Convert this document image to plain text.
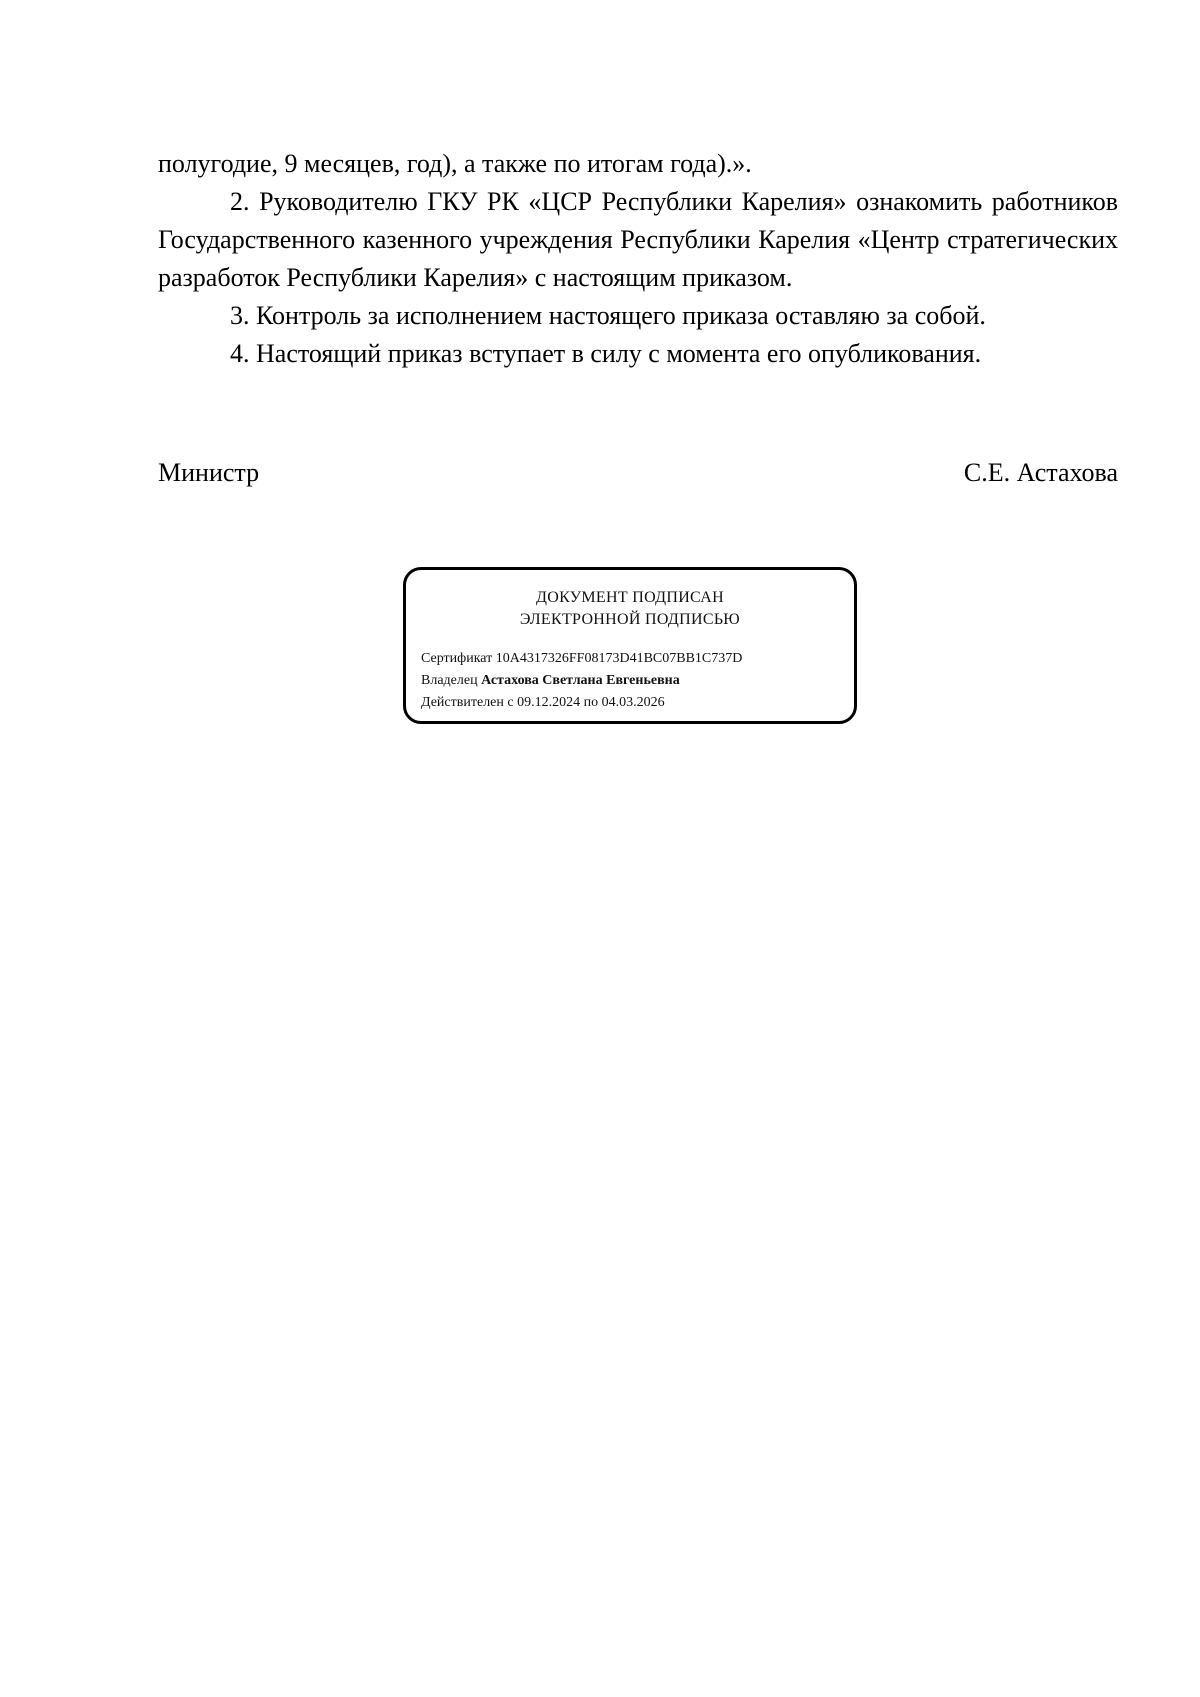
полугодие, 9 месяцев, год), а также по итогам года).».

2. Руководителю ГКУ РК «ЦСР Республики Карелия» ознакомить работников Государственного казенного учреждения Республики Карелия «Центр стратегических разработок Республики Карелия» с настоящим приказом.

3. Контроль за исполнением настоящего приказа оставляю за собой.

4. Настоящий приказ вступает в силу с момента его опубликования.

Министр	С.Е. Астахова
ДОКУМЕНТ ПОДПИСАН
ЭЛЕКТРОННОЙ ПОДПИСЬЮ
Сертификат 10A4317326FF08173D41BC07BB1C737D
Владелец Астахова Светлана Евгеньевна
Действителен с 09.12.2024 по 04.03.2026
